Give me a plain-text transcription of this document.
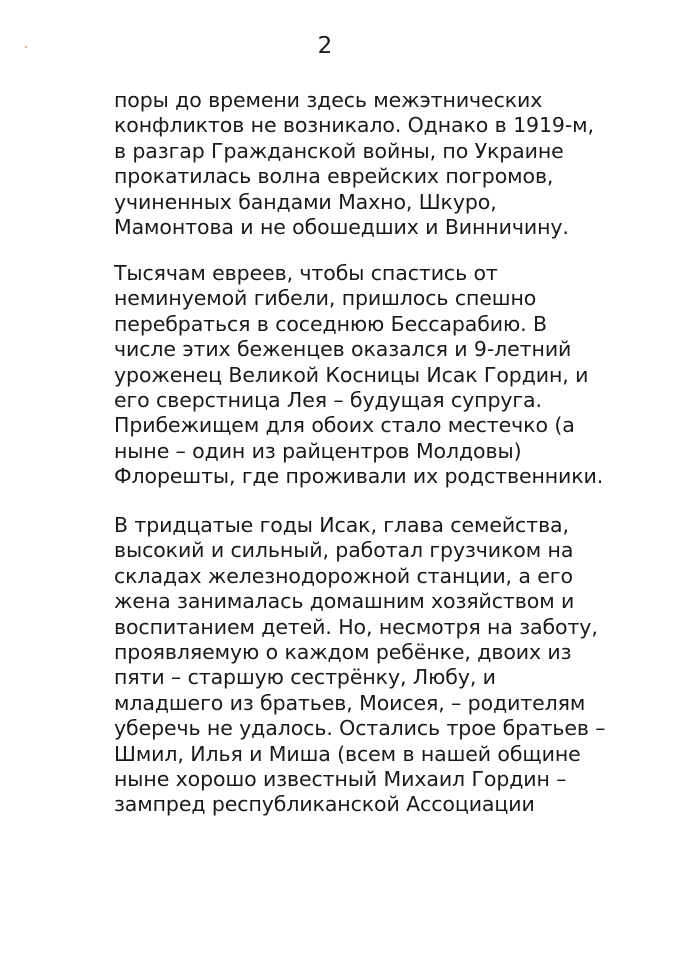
2
поры до времени здесь межэтнических
конфликтов не возникало. Однако в 1919-м,
в разгар Гражданской войны, по Украине
прокатилась волна еврейских погромов,
учиненных бандами Махно, Шкуро,
Мамонтова и не обошедших и Винничину.
Тысячам евреев, чтобы спастись от
неминуемой гибели, пришлось спешно
перебраться в соседнюю Бессарабию. В
числе этих беженцев оказался и 9-летний
уроженец Великой Косницы Исак Гордин, и
его сверстница Лея – будущая супруга.
Прибежищем для обоих стало местечко (а
ныне – один из райцентров Молдовы)
Флорешты, где проживали их родственники.
В тридцатые годы Исак, глава семейства,
высокий и сильный, работал грузчиком на
складах железнодорожной станции, а его
жена занималась домашним хозяйством и
воспитанием детей. Но, несмотря на заботу,
проявляемую о каждом ребёнке, двоих из
пяти – старшую сестрёнку, Любу, и
младшего из братьев, Моисея, – родителям
уберечь не удалось. Остались трое братьев –
Шмил, Илья и Миша (всем в нашей общине
ныне хорошо известный Михаил Гордин –
зампред республиканской Ассоциации
